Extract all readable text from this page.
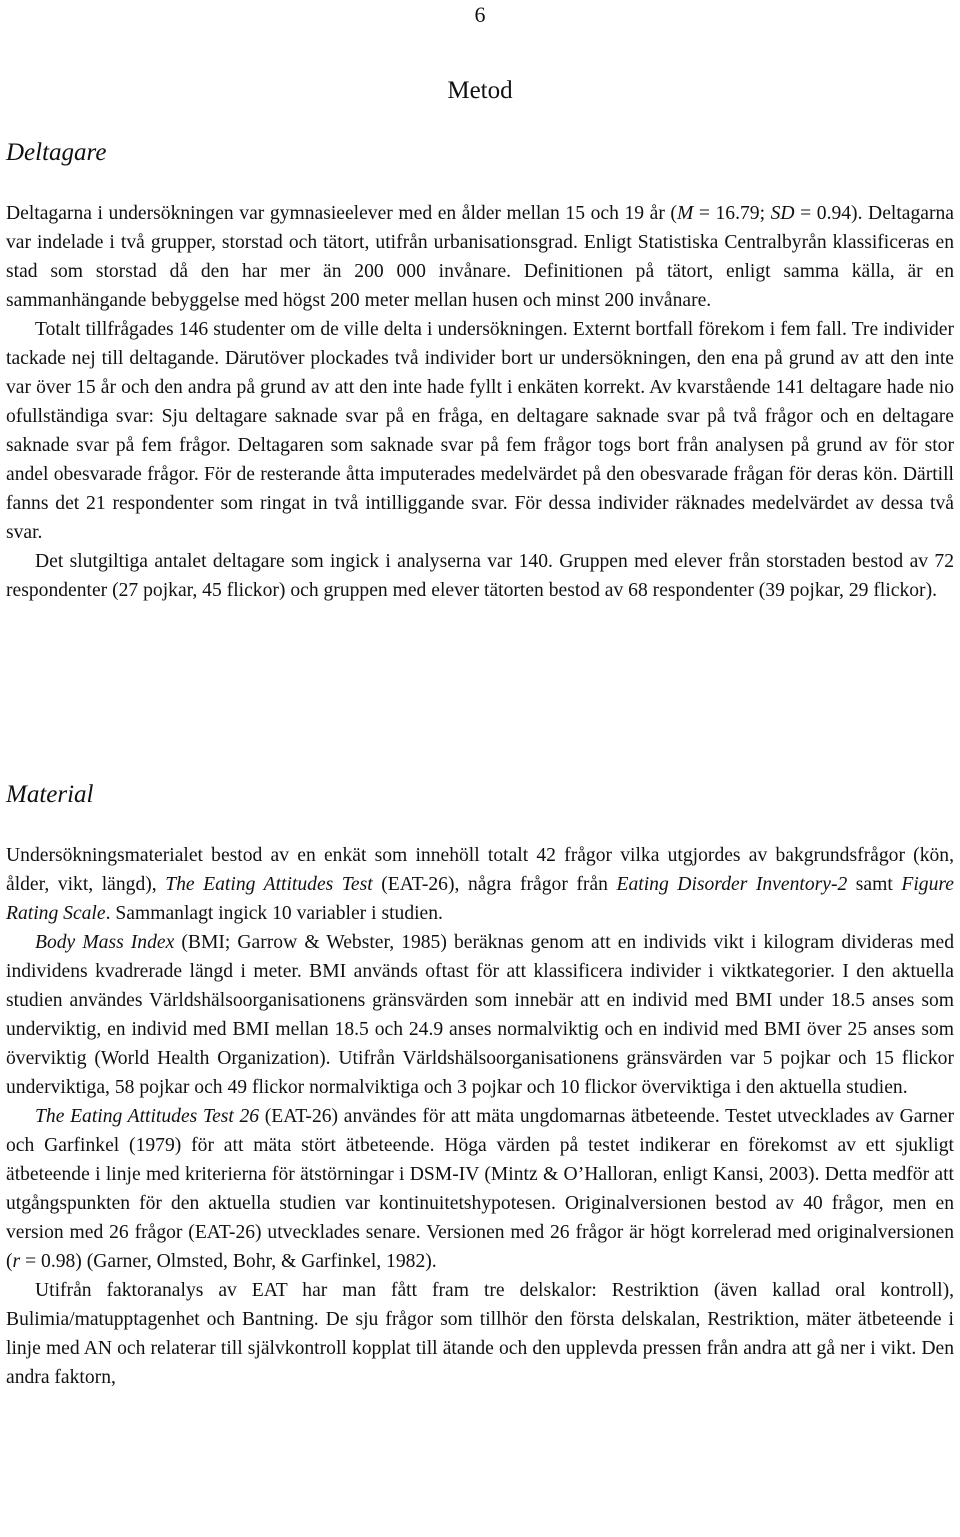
6
Metod
Deltagare

Deltagarna i undersökningen var gymnasieelever med en ålder mellan 15 och 19 år (M = 16.79; SD = 0.94). Deltagarna var indelade i två grupper, storstad och tätort, utifrån urbanisationsgrad. Enligt Statistiska Centralbyrån klassificeras en stad som storstad då den har mer än 200 000 invånare. Definitionen på tätort, enligt samma källa, är en sammanhängande bebyggelse med högst 200 meter mellan husen och minst 200 invånare.

Totalt tillfrågades 146 studenter om de ville delta i undersökningen. Externt bortfall förekom i fem fall. Tre individer tackade nej till deltagande. Därutöver plockades två individer bort ur undersökningen, den ena på grund av att den inte var över 15 år och den andra på grund av att den inte hade fyllt i enkäten korrekt. Av kvarstående 141 deltagare hade nio ofullständiga svar: Sju deltagare saknade svar på en fråga, en deltagare saknade svar på två frågor och en deltagare saknade svar på fem frågor. Deltagaren som saknade svar på fem frågor togs bort från analysen på grund av för stor andel obesvarade frågor. För de resterande åtta imputerades medelvärdet på den obesvarade frågan för deras kön. Därtill fanns det 21 respondenter som ringat in två intilliggande svar. För dessa individer räknades medelvärdet av dessa två svar.

Det slutgiltiga antalet deltagare som ingick i analyserna var 140. Gruppen med elever från storstaden bestod av 72 respondenter (27 pojkar, 45 flickor) och gruppen med elever tätorten bestod av 68 respondenter (39 pojkar, 29 flickor).

Material

Undersökningsmaterialet bestod av en enkät som innehöll totalt 42 frågor vilka utgjordes av bakgrundsfrågor (kön, ålder, vikt, längd), The Eating Attitudes Test (EAT-26), några frågor från Eating Disorder Inventory-2 samt Figure Rating Scale. Sammanlagt ingick 10 variabler i studien.

Body Mass Index (BMI; Garrow & Webster, 1985) beräknas genom att en individs vikt i kilogram divideras med individens kvadrerade längd i meter. BMI används oftast för att klassificera individer i viktkategorier. I den aktuella studien användes Världshälsoorganisationens gränsvärden som innebär att en individ med BMI under 18.5 anses som underviktig, en individ med BMI mellan 18.5 och 24.9 anses normalviktig och en individ med BMI över 25 anses som överviktig (World Health Organization). Utifrån Världshälsoorganisationens gränsvärden var 5 pojkar och 15 flickor underviktiga, 58 pojkar och 49 flickor normalviktiga och 3 pojkar och 10 flickor överviktiga i den aktuella studien.

The Eating Attitudes Test 26 (EAT-26) användes för att mäta ungdomarnas ätbeteende. Testet utvecklades av Garner och Garfinkel (1979) för att mäta stört ätbeteende. Höga värden på testet indikerar en förekomst av ett sjukligt ätbeteende i linje med kriterierna för ätstörningar i DSM-IV (Mintz & O’Halloran, enligt Kansi, 2003). Detta medför att utgångspunkten för den aktuella studien var kontinuitetshypotesen. Originalversionen bestod av 40 frågor, men en version med 26 frågor (EAT-26) utvecklades senare. Versionen med 26 frågor är högt korrelerad med originalversionen (r = 0.98) (Garner, Olmsted, Bohr, & Garfinkel, 1982).

Utifrån faktoranalys av EAT har man fått fram tre delskalor: Restriktion (även kallad oral kontroll), Bulimia/matupptagenhet och Bantning. De sju frågor som tillhör den första delskalan, Restriktion, mäter ätbeteende i linje med AN och relaterar till självkontroll kopplat till ätande och den upplevda pressen från andra att gå ner i vikt. Den andra faktorn,
